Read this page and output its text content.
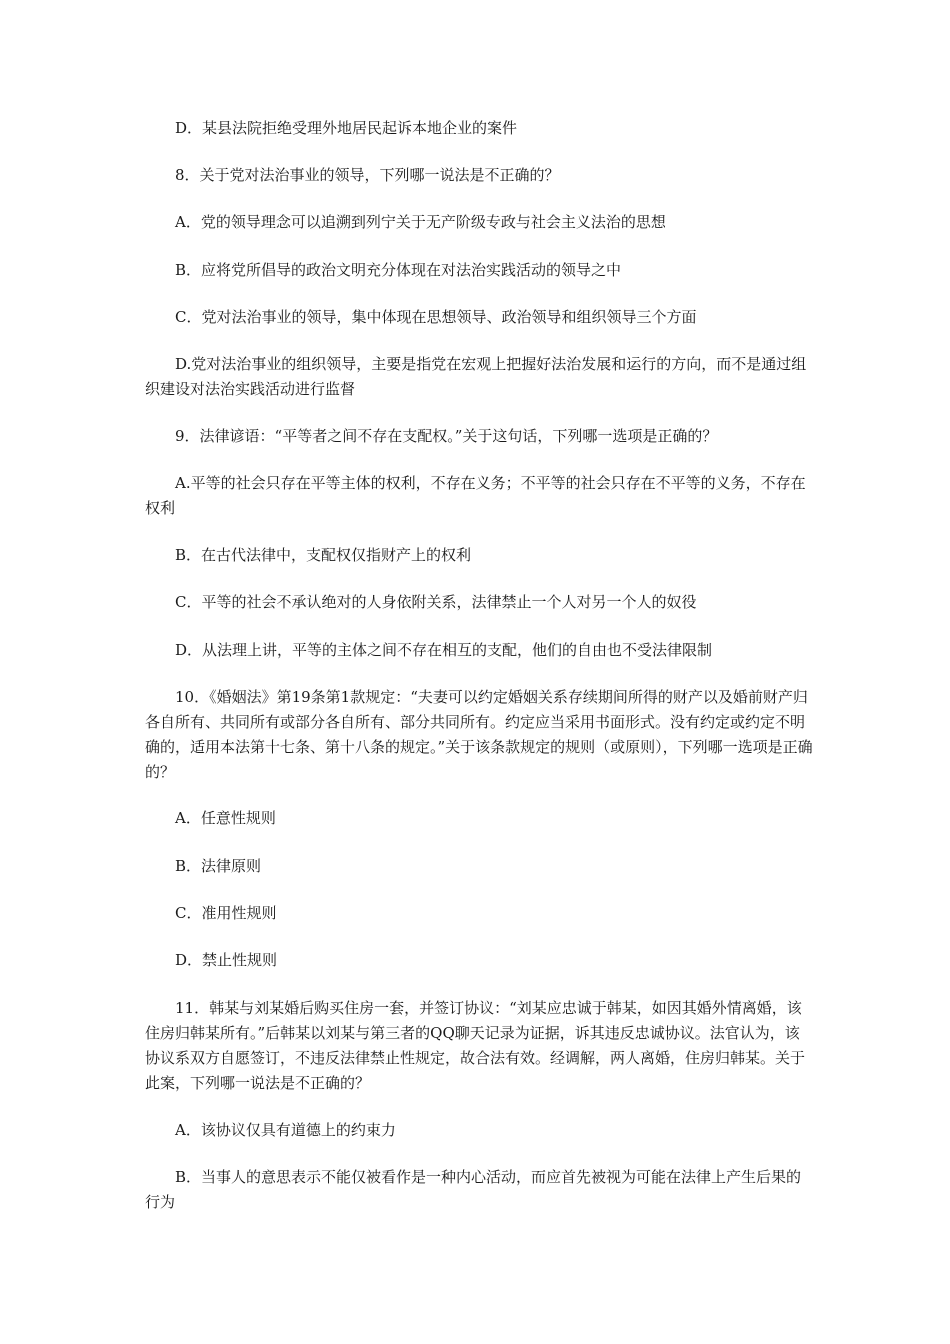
D．某县法院拒绝受理外地居民起诉本地企业的案件

8．关于党对法治事业的领导，下列哪一说法是不正确的？

A．党的领导理念可以追溯到列宁关于无产阶级专政与社会主义法治的思想

B．应将党所倡导的政治文明充分体现在对法治实践活动的领导之中

C．党对法治事业的领导，集中体现在思想领导、政治领导和组织领导三个方面

D.党对法治事业的组织领导，主要是指党在宏观上把握好法治发展和运行的方向，而不是通过组织建设对法治实践活动进行监督

9．法律谚语：“平等者之间不存在支配权。”关于这句话，下列哪一选项是正确的？

A.平等的社会只存在平等主体的权利，不存在义务；不平等的社会只存在不平等的义务，不存在权利

B．在古代法律中，支配权仅指财产上的权利

C．平等的社会不承认绝对的人身依附关系，法律禁止一个人对另一个人的奴役

D．从法理上讲，平等的主体之间不存在相互的支配，他们的自由也不受法律限制

10．《婚姻法》第19条第1款规定：“夫妻可以约定婚姻关系存续期间所得的财产以及婚前财产归各自所有、共同所有或部分各自所有、部分共同所有。约定应当采用书面形式。没有约定或约定不明确的，适用本法第十七条、第十八条的规定。”关于该条款规定的规则（或原则），下列哪一选项是正确的？

A．任意性规则

B．法律原则

C．准用性规则

D．禁止性规则

11．韩某与刘某婚后购买住房一套，并签订协议：“刘某应忠诚于韩某，如因其婚外情离婚，该住房归韩某所有。”后韩某以刘某与第三者的QQ聊天记录为证据，诉其违反忠诚协议。法官认为，该协议系双方自愿签订，不违反法律禁止性规定，故合法有效。经调解，两人离婚，住房归韩某。关于此案，下列哪一说法是不正确的？

A．该协议仅具有道德上的约束力

B．当事人的意思表示不能仅被看作是一种内心活动，而应首先被视为可能在法律上产生后果的行为
